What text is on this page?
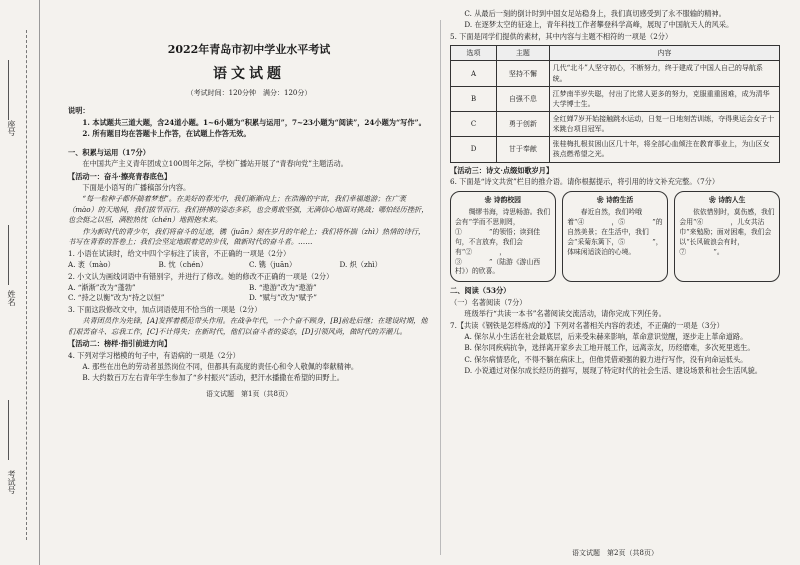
座号
姓名
考试号
2022年青岛市初中学业水平考试
语文试题
（考试时间：120分钟　满分：120分）

说明：

1. 本试题共三道大题，含24道小题。1~6小题为“积累与运用”，7~23小题为“阅读”，24小题为“写作”。

2. 所有题目均在答题卡上作答，在试题上作答无效。

一、积累与运用（17分）

在中国共产主义青年团成立100周年之际，学校广播站开展了“青春向党”主题活动。

【活动一：奋斗·擦亮青春底色】

下面是小语写的广播稿部分内容。

“每一粒种子都怀揣着梦想”。在美好的春光中，我们渐渐向上；在浩瀚的宇宙，我们幸福遨游；在广袤（mào）的天地间，我们拔节而行。我们拼搏的姿态多彩，也会勇敢坚强，无满信心地面对挑战；哪怕经历挫折，也会挺之以恒，满腔热忱（chén）地拥抱未来。

作为新时代的青少年，我们将奋斗的足迹，镌（juān）刻在岁月的年轮上；我们将怀揣（zhì）热情的诗行，书写在青春的答卷上；我们会坚定地跟着党的步伐，做新时代的奋斗者。……

1. 小语在试读时，给文中四个字标注了读音，不正确的一项是（2分）

A. 袤（mào）	B. 忱（chén）	C. 镌（juān）	D. 炽（zhì）

2. 小文认为画线词语中有错别字，并进行了修改。她的修改不正确的一项是（2分）

A. “渐渐”改为“蓬勃”	B. “遨游”改为“遨游”
C. “持之以衡”改为“持之以恒”	D. “赋与”改为“赋予”

3. 下面这段修改文中，加点词语使用不恰当的一项是（2分）

共青团员作为先锋，[A]发挥着模范带头作用。在战争年代，一个个奋不顾身，[B]前赴后继；在建设时期，他们艰苦奋斗、忘我工作，[C]不计得失；在新时代，他们以奋斗者的姿态，[D]引领风尚，做时代的弄潮儿。

【活动二：榜样·指引前进方向】

4. 下列对学习楷模的句子中，有语病的一项是（2分）

A. 那些在出色的劳动者虽然岗位不同，但都具有高度的责任心和令人敬佩的奉献精神。

B. 大约数百万左右青年学生参加了“乡村振兴”活动，把汗水播撒在希望的田野上。

语文试题　第1页（共8页）

C. 从最后一刻的倒计时到中国女足站稳身上，我们真切感受到了永不服输的精神。

D. 在逐梦太空的征途上，青年科技工作者攀登科学高峰，展现了中国航天人的风采。

5. 下面是同学们提供的素材，其中内容与主题不相符的一项是（2分）

选项	主题	内容
A	坚持不懈	几代“北斗”人坚守初心，不断努力，终于建成了中国人自己的导航系统。
B	自强不息	江梦南半岁失聪，付出了比常人更多的努力，克服重重困难，成为清华大学博士生。
C	勇于创新	全红婵7岁开始接触跳水运动，日复一日地刻苦训练，夺得奥运会女子十米跳台项目冠军。
D	甘于奉献	张桂梅扎根贫困山区几十年，将全部心血倾注在教育事业上，为山区女孩点燃希望之光。

【活动三：诗文·点缀如歌岁月】

6. 下面是“诗文共赏”栏目的推介语。请你根据提示，将引用的诗文补充完整。（7分）

❀ 诗韵校园
绸缪书海，诗思畅游。我们会有“学而不思则罔，①　　　　”的领悟；读到佳句，不言放弃，我们会有“②　　　　，③　　　　”（陆游《游山西村》）的欣喜。
❀ 诗韵生活
春近自然，我们吟哦着“④　　　　，⑤　　　　”的自然美景；在生活中，我们会“采菊东篱下，⑤　　　　”，体味闲适淡泊的心境。
❀ 诗韵人生
依依惜别时，莫伤感，我们会用“⑥　　　　，儿女共沾巾”来勉励；面对困难，我们会以“长风破浪会有时，⑦　　　　”。

二、阅读（53分）

（一）名著阅读（7分）

班级举行“共读一本书”名著阅读交流活动，请你完成下列任务。

7.【共读《钢铁是怎样炼成的》】下列对名著相关内容的表述，不正确的一项是（3分）

A. 保尔从小生活在社会最底层，后来受朱赫来影响，革命意识觉醒，逐步走上革命道路。

B. 保尔同疾病抗争，选择离开家乡去工地开展工作，远离亲友，历经磨难，多次死里逃生。

C. 保尔病情恶化，不得不躺在病床上，但他凭借顽强的毅力进行写作，没有向命运低头。

D. 小说通过对保尔成长经历的描写，展现了特定时代的社会生活、建设场景和社会生活风貌。

语文试题　第2页（共8页）
